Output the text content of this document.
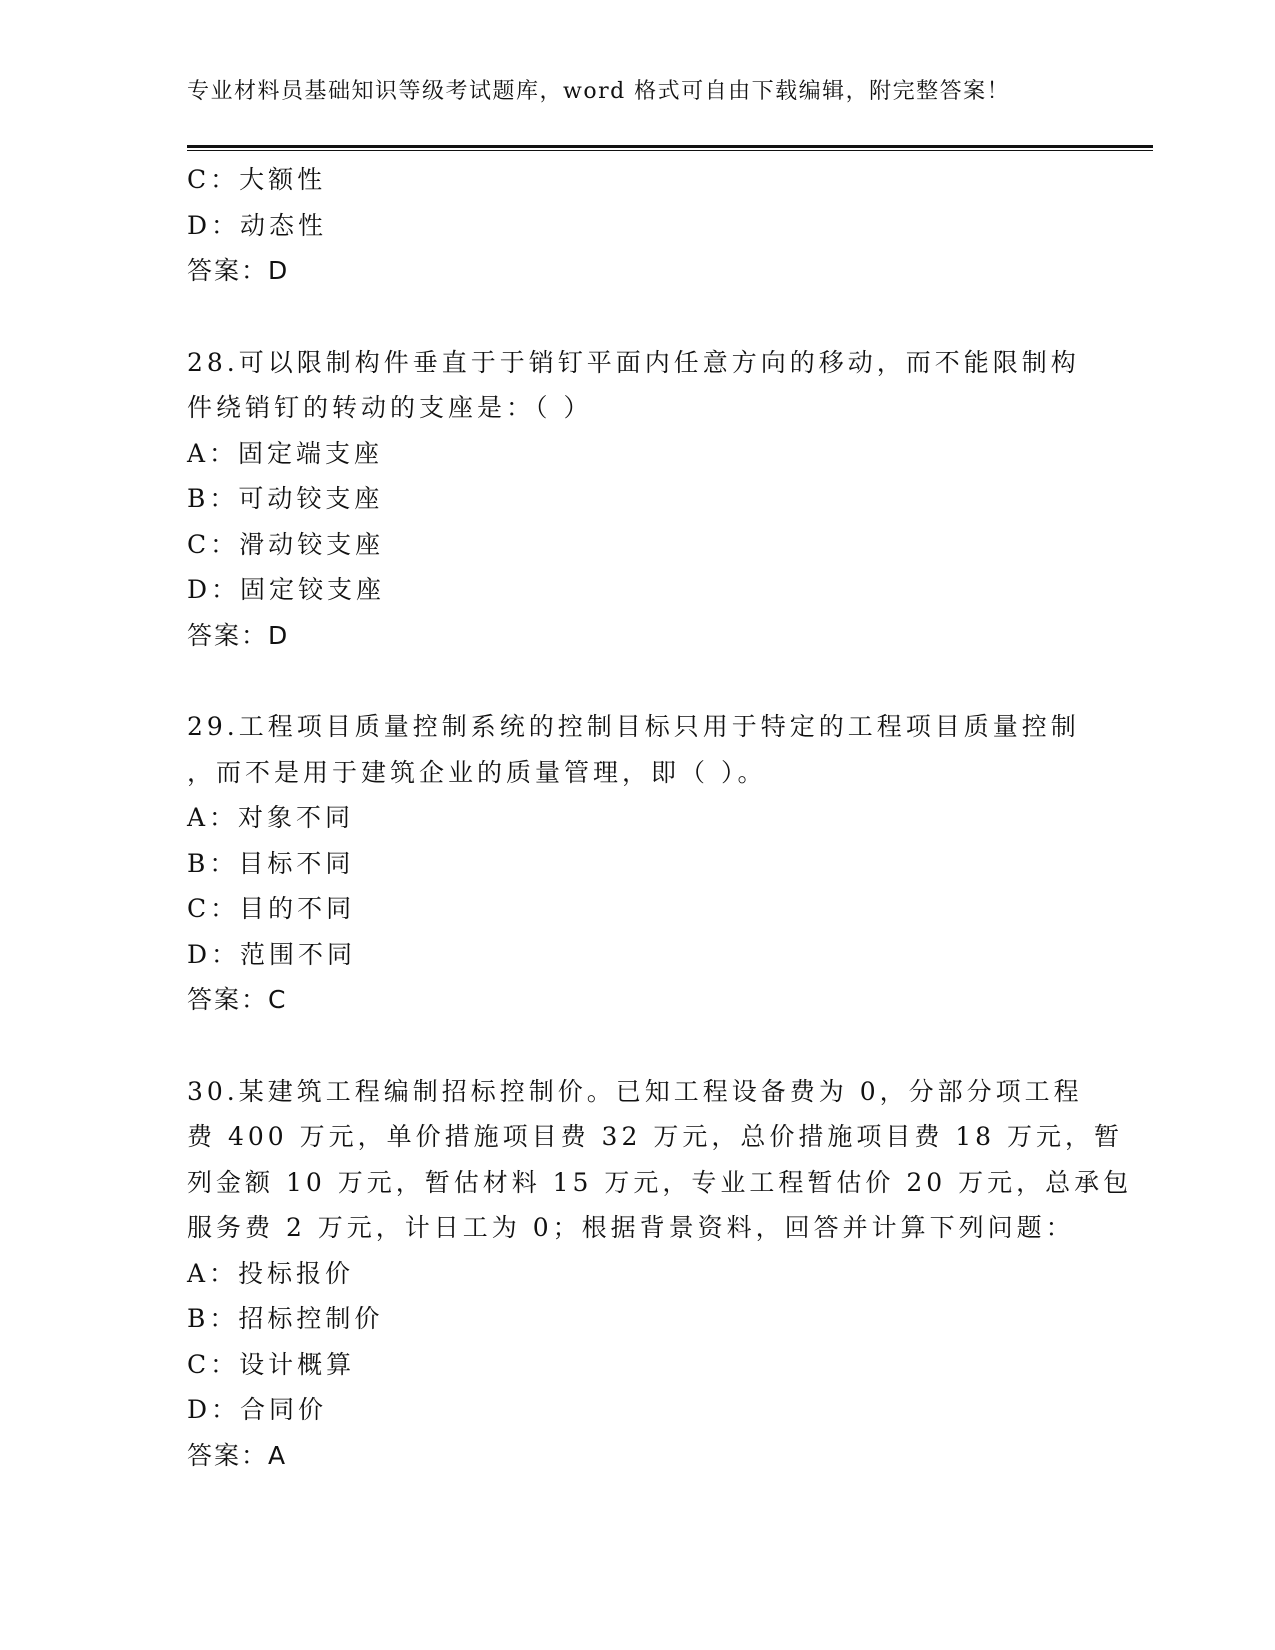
专业材料员基础知识等级考试题库，word 格式可自由下载编辑，附完整答案！
C：大额性
D：动态性
答案：D
28.可以限制构件垂直于于销钉平面内任意方向的移动，而不能限制构
件绕销钉的转动的支座是：（ ）
A：固定端支座
B：可动铰支座
C：滑动铰支座
D：固定铰支座
答案：D
29.工程项目质量控制系统的控制目标只用于特定的工程项目质量控制
，而不是用于建筑企业的质量管理，即（ ）。
A：对象不同
B：目标不同
C：目的不同
D：范围不同
答案：C
30.某建筑工程编制招标控制价。已知工程设备费为 0，分部分项工程
费 400 万元，单价措施项目费 32 万元，总价措施项目费 18 万元，暂
列金额 10 万元，暂估材料 15 万元，专业工程暂估价 20 万元，总承包
服务费 2 万元，计日工为 0；根据背景资料，回答并计算下列问题：
A：投标报价
B：招标控制价
C：设计概算
D：合同价
答案：A
